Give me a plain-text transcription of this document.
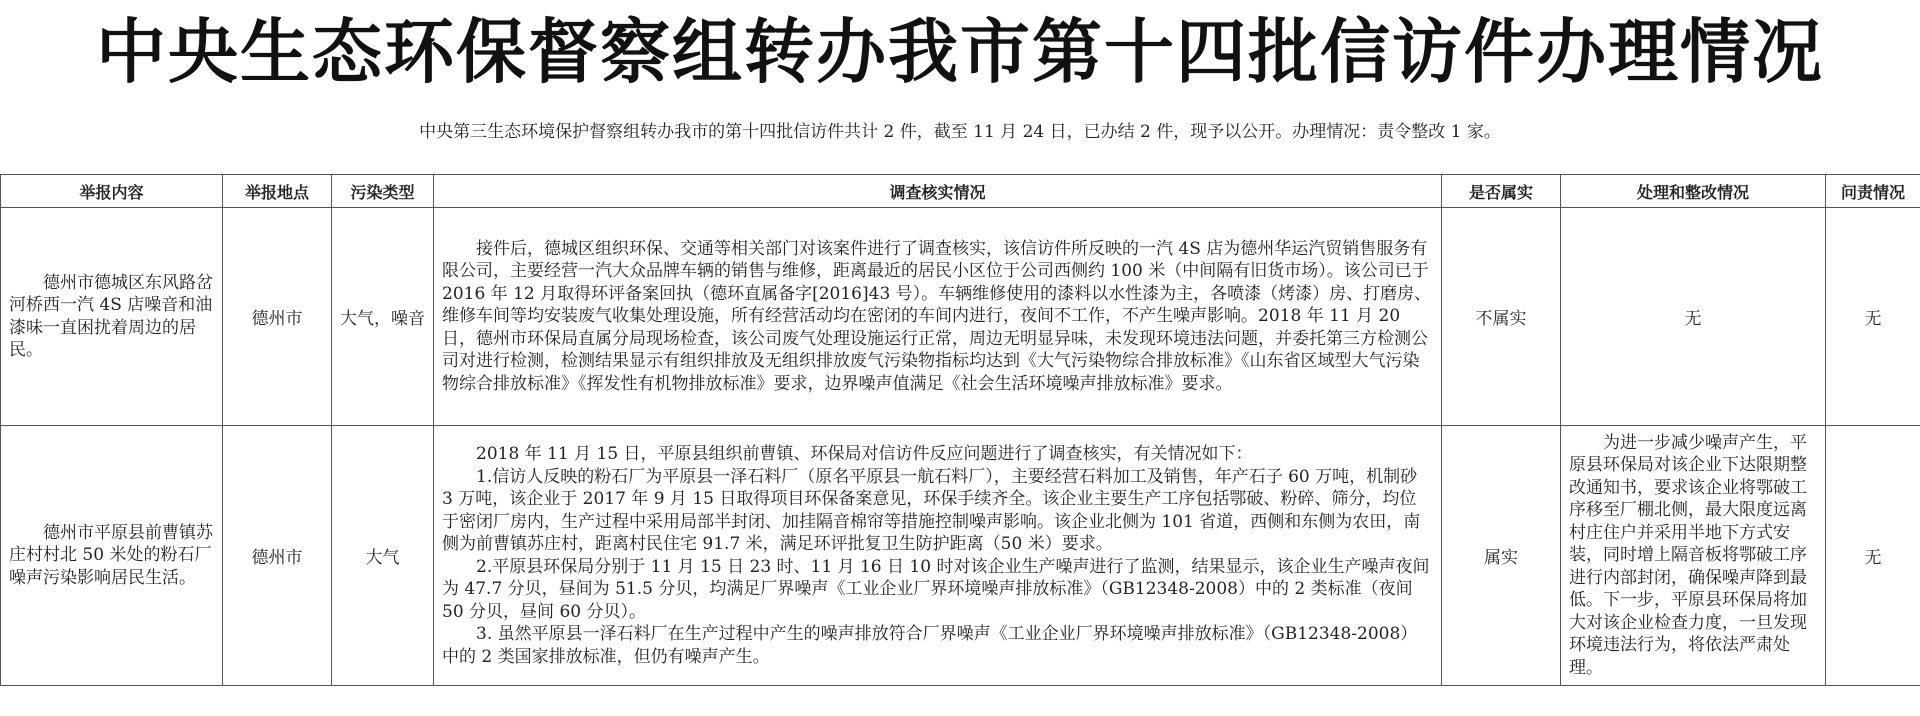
中央生态环保督察组转办我市第十四批信访件办理情况
中央第三生态环境保护督察组转办我市的第十四批信访件共计 2 件，截至 11 月 24 日，已办结 2 件，现予以公开。办理情况：责令整改 1 家。
举报内容	举报地点	污染类型	调查核实情况	是否属实	处理和整改情况	问责情况
德州市德城区东风路岔河桥西一汽 4S 店噪音和油漆味一直困扰着周边的居民。	德州市	大气，噪音	接件后，德城区组织环保、交通等相关部门对该案件进行了调查核实，该信访件所反映的一汽 4S 店为德州华运汽贸销售服务有限公司，主要经营一汽大众品牌车辆的销售与维修，距离最近的居民小区位于公司西侧约 100 米（中间隔有旧货市场）。该公司已于 2016 年 12 月取得环评备案回执（德环直属备字[2016]43 号）。车辆维修使用的漆料以水性漆为主，各喷漆（烤漆）房、打磨房、维修车间等均安装废气收集处理设施，所有经营活动均在密闭的车间内进行，夜间不工作，不产生噪声影响。2018 年 11 月 20 日，德州市环保局直属分局现场检查，该公司废气处理设施运行正常，周边无明显异味，未发现环境违法问题，并委托第三方检测公司对进行检测，检测结果显示有组织排放及无组织排放废气污染物指标均达到《大气污染物综合排放标准》《山东省区域型大气污染物综合排放标准》《挥发性有机物排放标准》要求，边界噪声值满足《社会生活环境噪声排放标准》要求。	不属实	无	无
德州市平原县前曹镇苏庄村村北 50 米处的粉石厂噪声污染影响居民生活。	德州市	大气	2018 年 11 月 15 日，平原县组织前曹镇、环保局对信访件反应问题进行了调查核实，有关情况如下：

1.信访人反映的粉石厂为平原县一泽石料厂（原名平原县一航石料厂），主要经营石料加工及销售，年产石子 60 万吨，机制砂 3 万吨，该企业于 2017 年 9 月 15 日取得项目环保备案意见，环保手续齐全。该企业主要生产工序包括鄂破、粉碎、筛分，均位于密闭厂房内，生产过程中采用局部半封闭、加挂隔音棉帘等措施控制噪声影响。该企业北侧为 101 省道，西侧和东侧为农田，南侧为前曹镇苏庄村，距离村民住宅 91.7 米，满足环评批复卫生防护距离（50 米）要求。

2.平原县环保局分别于 11 月 15 日 23 时、11 月 16 日 10 时对该企业生产噪声进行了监测，结果显示，该企业生产噪声夜间为 47.7 分贝，昼间为 51.5 分贝，均满足厂界噪声《工业企业厂界环境噪声排放标准》（GB12348-2008）中的 2 类标准（夜间 50 分贝，昼间 60 分贝）。

3. 虽然平原县一泽石料厂在生产过程中产生的噪声排放符合厂界噪声《工业企业厂界环境噪声排放标准》（GB12348-2008）中的 2 类国家排放标准，但仍有噪声产生。	属实	为进一步减少噪声产生，平原县环保局对该企业下达限期整改通知书，要求该企业将鄂破工序移至厂棚北侧，最大限度远离村庄住户并采用半地下方式安装，同时增上隔音板将鄂破工序进行内部封闭，确保噪声降到最低。下一步，平原县环保局将加大对该企业检查力度，一旦发现环境违法行为，将依法严肃处理。	无
